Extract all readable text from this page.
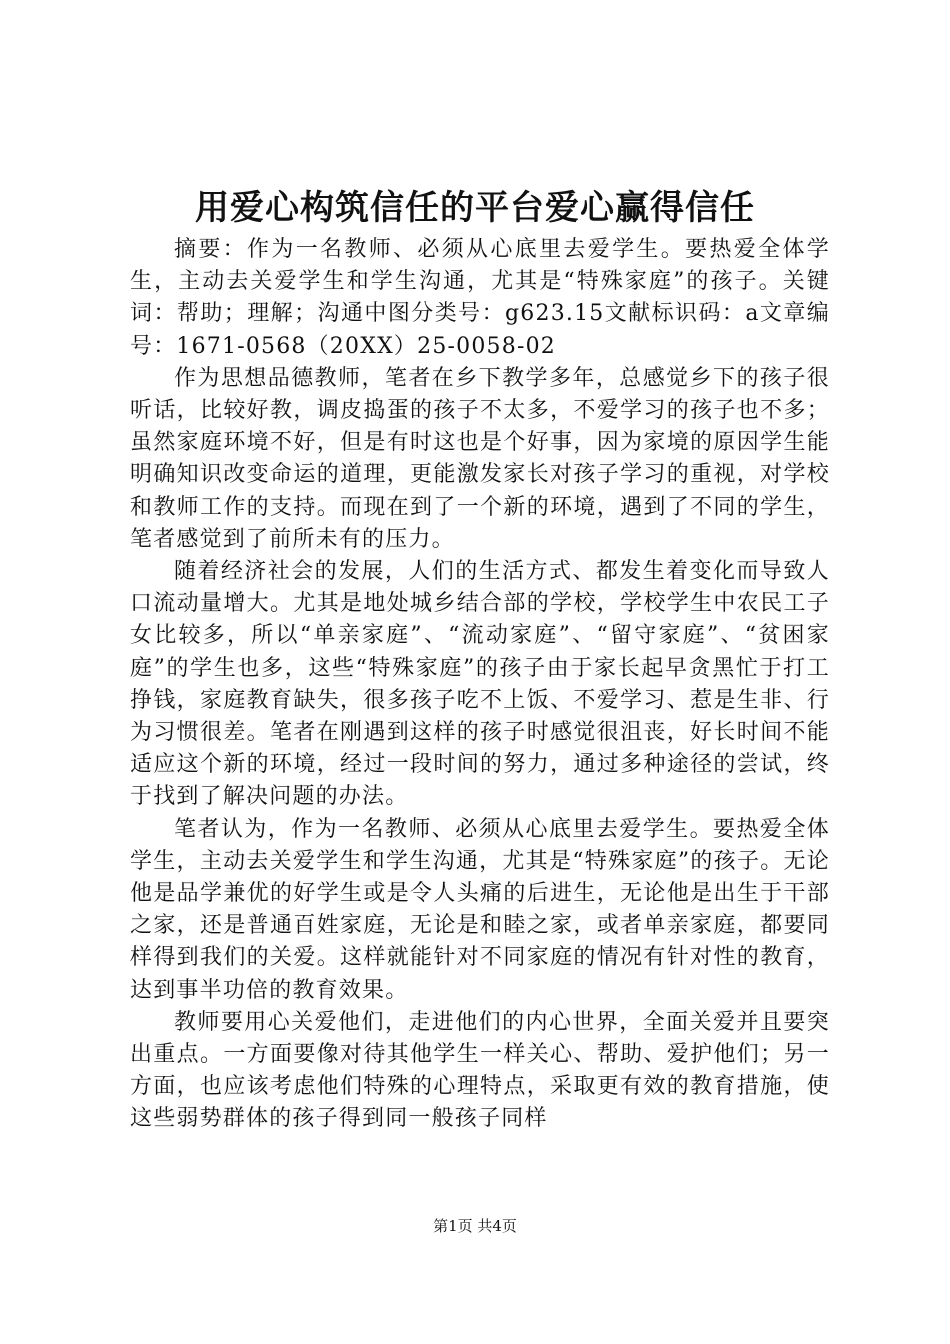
用爱心构筑信任的平台爱心赢得信任

摘要：作为一名教师、必须从心底里去爱学生。要热爱全体学生，主动去关爱学生和学生沟通，尤其是“特殊家庭”的孩子。关键词：帮助；理解；沟通中图分类号：g623.15文献标识码：a文章编号：1671-0568（20XX）25-0058-02

作为思想品德教师，笔者在乡下教学多年，总感觉乡下的孩子很听话，比较好教，调皮捣蛋的孩子不太多，不爱学习的孩子也不多；虽然家庭环境不好，但是有时这也是个好事，因为家境的原因学生能明确知识改变命运的道理，更能激发家长对孩子学习的重视，对学校和教师工作的支持。而现在到了一个新的环境，遇到了不同的学生，笔者感觉到了前所未有的压力。

随着经济社会的发展，人们的生活方式、都发生着变化而导致人口流动量增大。尤其是地处城乡结合部的学校，学校学生中农民工子女比较多，所以“单亲家庭”、“流动家庭”、“留守家庭”、“贫困家庭”的学生也多，这些“特殊家庭”的孩子由于家长起早贪黑忙于打工挣钱，家庭教育缺失，很多孩子吃不上饭、不爱学习、惹是生非、行为习惯很差。笔者在刚遇到这样的孩子时感觉很沮丧，好长时间不能适应这个新的环境，经过一段时间的努力，通过多种途径的尝试，终于找到了解决问题的办法。

笔者认为，作为一名教师、必须从心底里去爱学生。要热爱全体学生，主动去关爱学生和学生沟通，尤其是“特殊家庭”的孩子。无论他是品学兼优的好学生或是令人头痛的后进生，无论他是出生于干部之家，还是普通百姓家庭，无论是和睦之家，或者单亲家庭，都要同样得到我们的关爱。这样就能针对不同家庭的情况有针对性的教育，达到事半功倍的教育效果。

教师要用心关爱他们，走进他们的内心世界，全面关爱并且要突出重点。一方面要像对待其他学生一样关心、帮助、爱护他们；另一方面，也应该考虑他们特殊的心理特点，采取更有效的教育措施，使这些弱势群体的孩子得到同一般孩子同样

第1页 共4页
